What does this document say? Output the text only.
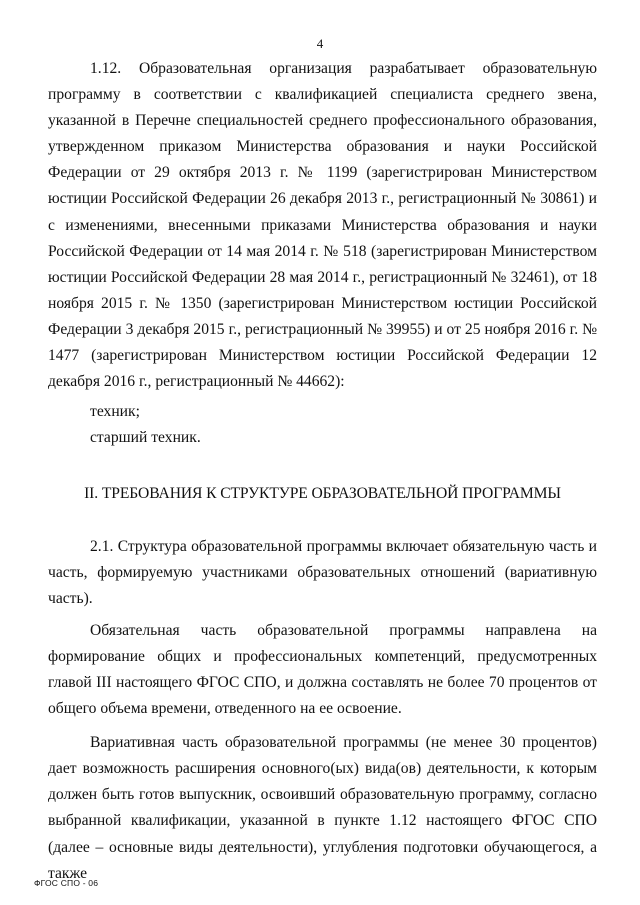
4

1.12. Образовательная организация разрабатывает образовательную программу в соответствии с квалификацией специалиста среднего звена, указанной в Перечне специальностей среднего профессионального образования, утвержденном приказом Министерства образования и науки Российской Федерации от 29 октября 2013 г. № 1199 (зарегистрирован Министерством юстиции Российской Федерации 26 декабря 2013 г., регистрационный № 30861) и с изменениями, внесенными приказами Министерства образования и науки Российской Федерации от 14 мая 2014 г. № 518 (зарегистрирован Министерством юстиции Российской Федерации 28 мая 2014 г., регистрационный № 32461), от 18 ноября 2015 г. № 1350 (зарегистрирован Министерством юстиции Российской Федерации 3 декабря 2015 г., регистрационный № 39955) и от 25 ноября 2016 г. № 1477 (зарегистрирован Министерством юстиции Российской Федерации 12 декабря 2016 г., регистрационный № 44662):

техник;
старший техник.
II. ТРЕБОВАНИЯ К СТРУКТУРЕ ОБРАЗОВАТЕЛЬНОЙ ПРОГРАММЫ

2.1. Структура образовательной программы включает обязательную часть и часть, формируемую участниками образовательных отношений (вариативную часть).

Обязательная часть образовательной программы направлена на формирование общих и профессиональных компетенций, предусмотренных главой III настоящего ФГОС СПО, и должна составлять не более 70 процентов от общего объема времени, отведенного на ее освоение.

Вариативная часть образовательной программы (не менее 30 процентов) дает возможность расширения основного(ых) вида(ов) деятельности, к которым должен быть готов выпускник, освоивший образовательную программу, согласно выбранной квалификации, указанной в пункте 1.12 настоящего ФГОС СПО (далее – основные виды деятельности), углубления подготовки обучающегося, а также

ФГОС СПО - 06
